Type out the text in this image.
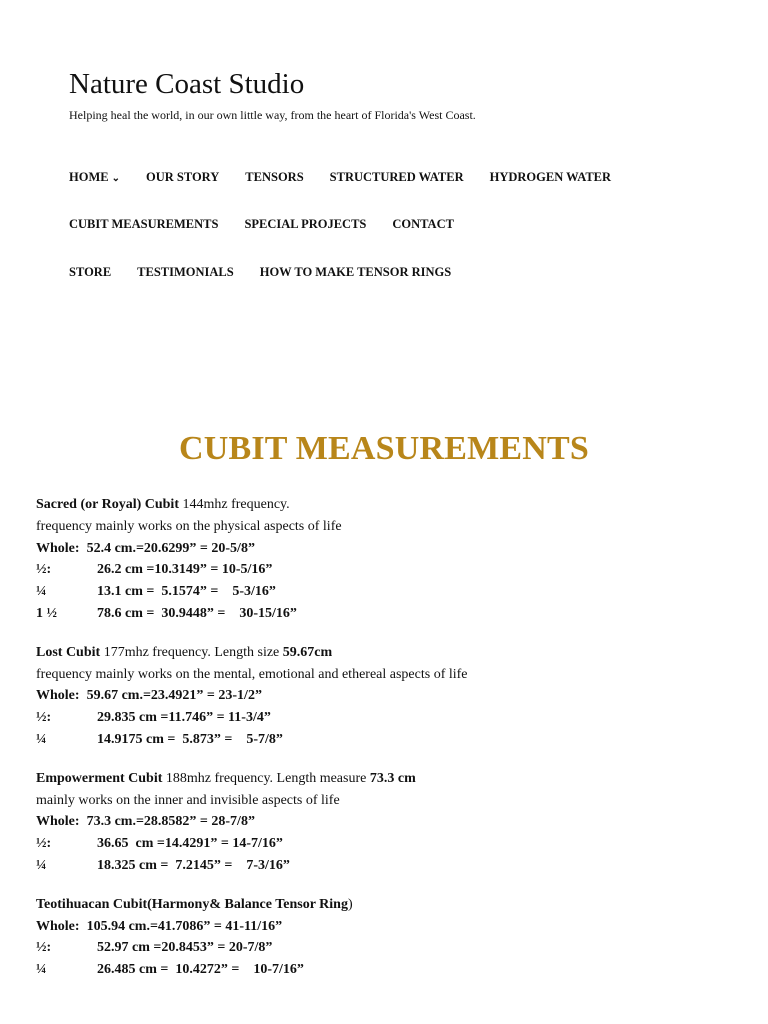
Nature Coast Studio

Helping heal the world, in our own little way, from the heart of Florida's West Coast.

HOME ⌄ OUR STORY TENSORS STRUCTURED WATER HYDROGEN WATER
CUBIT MEASUREMENTS SPECIAL PROJECTS CONTACT
STORE TESTIMONIALS HOW TO MAKE TENSOR RINGS
CUBIT MEASUREMENTS
Sacred (or Royal) Cubit 144mhz frequency.
frequency mainly works on the physical aspects of life
Whole:  52.4 cm.=20.6299” = 20-5/8”
½:	26.2 cm =10.3149” = 10-5/16”
¼	13.1 cm =  5.1574” =    5-3/16”
1 ½	78.6 cm =  30.9448” =    30-15/16”
Lost Cubit 177mhz frequency. Length size 59.67cm
frequency mainly works on the mental, emotional and ethereal aspects of life
Whole:  59.67 cm.=23.4921” = 23-1/2”
½:	29.835 cm =11.746” = 11-3/4”
¼	14.9175 cm =  5.873” =    5-7/8”
Empowerment Cubit 188mhz frequency. Length measure 73.3 cm
mainly works on the inner and invisible aspects of life
Whole:  73.3 cm.=28.8582” = 28-7/8”
½:	36.65  cm =14.4291” = 14-7/16”
¼	18.325 cm =  7.2145” =    7-3/16”
Teotihuacan Cubit(Harmony& Balance Tensor Ring)
Whole:  105.94 cm.=41.7086” = 41-11/16”
½:	52.97 cm =20.8453” = 20-7/8”
¼	26.485 cm =  10.4272” =    10-7/16”
